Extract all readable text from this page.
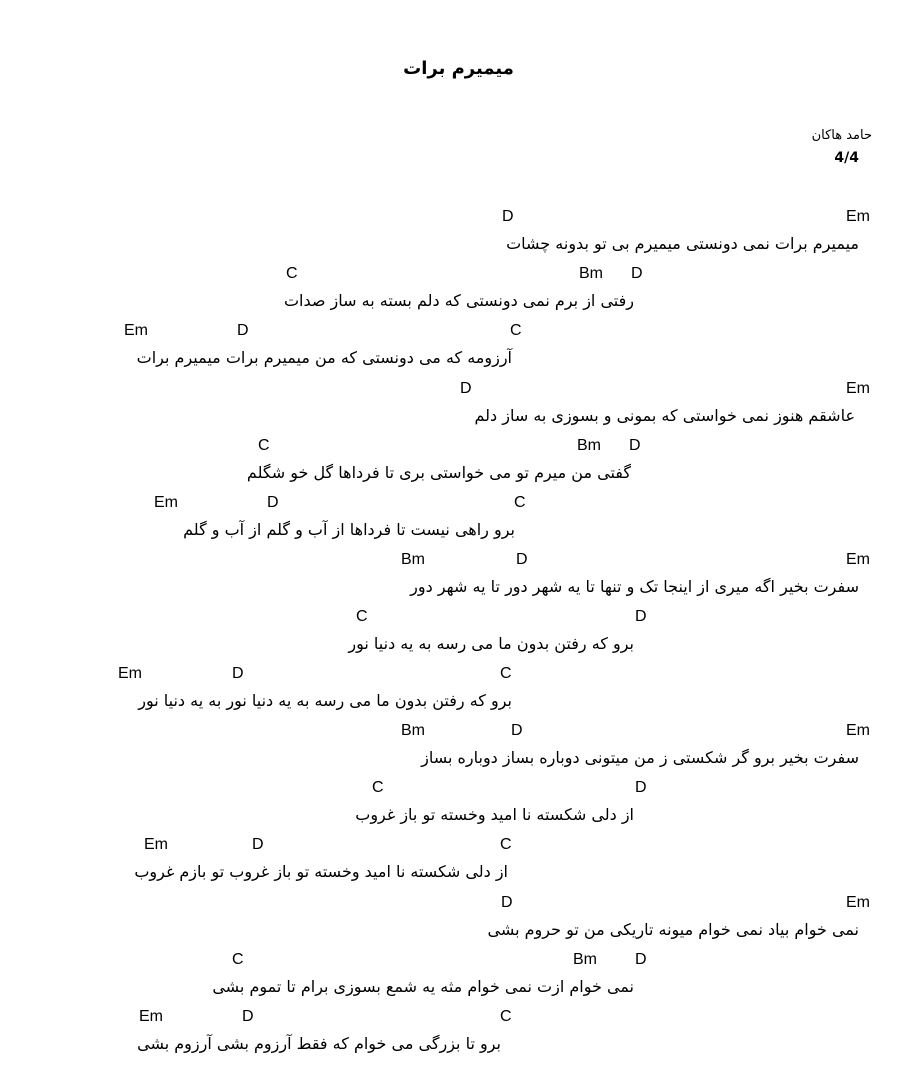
میمیرم برات
حامد هاکان
4/4
D	Em
میمیرم برات نمی دونستی میمیرم بی تو بدونه چشات
C	Bm D
رفتی از برم نمی دونستی که دلم بسته به ساز صدات
Em	D	C
آرزومه که می دونستی که من میمیرم برات میمیرم برات
D	Em
عاشقم هنوز نمی خواستی که بمونی و بسوزی به ساز دلم
C	Bm D
گفتی من میرم تو می خواستی بری تا فرداها گل خو شگلم
Em	D	C
برو راهی نیست تا فرداها از آب و گلم از آب و گلم
Bm	D	Em
سفرت بخیر اگه میری از اینجا تک و تنها تا یه شهر دور تا یه شهر دور
C	D
برو که رفتن بدون ما می رسه به یه دنیا نور
Em	D	C
برو که رفتن بدون ما می رسه به یه دنیا نور به یه دنیا نور
Bm	D	Em
سفرت بخیر برو گر شکستی ز من میتونی دوباره بساز دوباره بساز
C	D
از دلی شکسته نا امید وخسته تو باز غروب
Em	D	C
از دلی شکسته نا امید وخسته تو باز غروب تو بازم غروب
D	Em
نمی خوام بیاد نمی خوام میونه تاریکی من تو حروم بشی
C	Bm D
نمی خوام ازت نمی خوام مثه یه شمع بسوزی برام تا تموم بشی
Em	D	C
برو تا بزرگی می خوام که فقط آرزوم بشی آرزوم بشی
